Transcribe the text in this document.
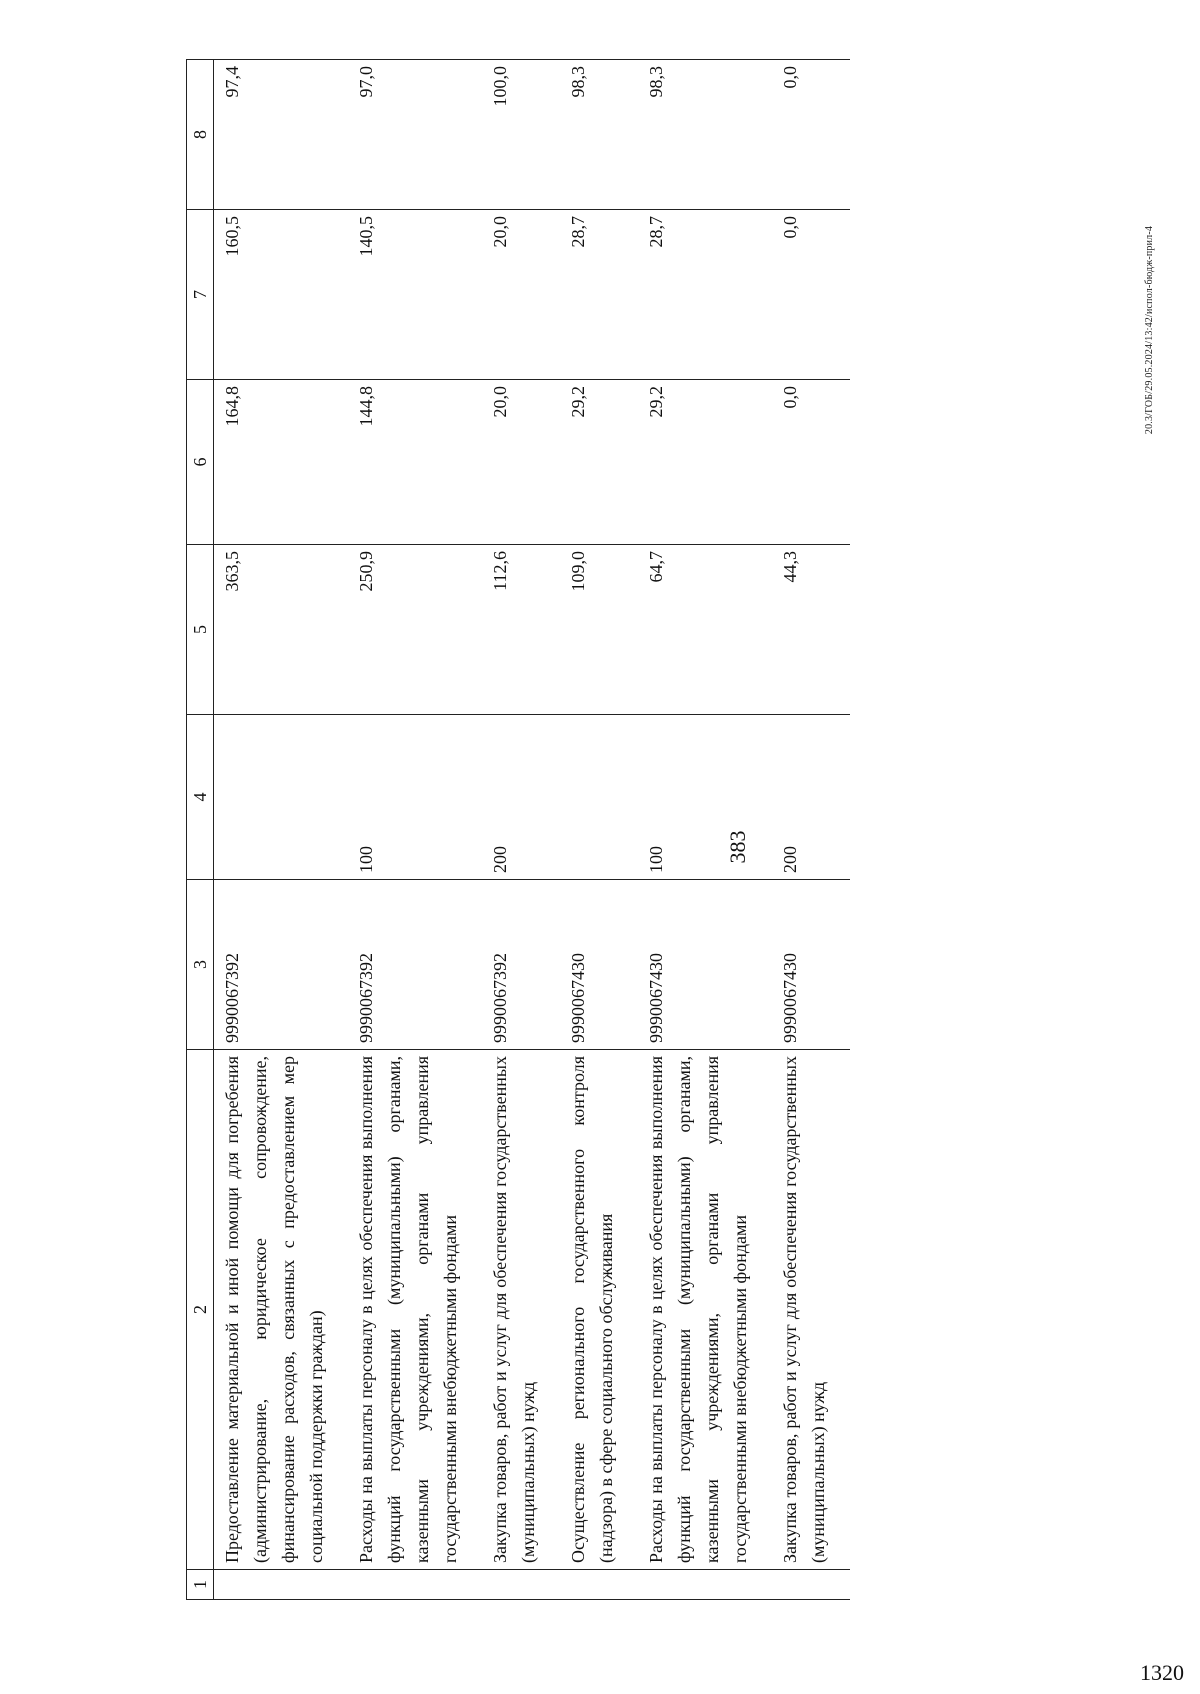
383
1	2	3	4	5	6	7	8
	Предоставление материальной и иной помощи для погребения (администрирование, юридическое сопровождение, финансирование расходов, связанных с предоставлением мер социальной поддержки граждан)	9990067392		363,5	164,8	160,5	97,4
	Расходы на выплаты персоналу в целях обеспечения выполнения функций государственными (муниципальными) органами, казенными учреждениями, органами управления государственными внебюджетными фондами	9990067392	100	250,9	144,8	140,5	97,0
	Закупка товаров, работ и услуг для обеспечения государственных (муниципальных) нужд	9990067392	200	112,6	20,0	20,0	100,0
	Осуществление регионального государственного контроля (надзора) в сфере социального обслуживания	9990067430		109,0	29,2	28,7	98,3
	Расходы на выплаты персоналу в целях обеспечения выполнения функций государственными (муниципальными) органами, казенными учреждениями, органами управления государственными внебюджетными фондами	9990067430	100	64,7	29,2	28,7	98,3
	Закупка товаров, работ и услуг для обеспечения государственных (муниципальных) нужд	9990067430	200	44,3	0,0	0,0	0,0
20.3/ГОБ/29.05.2024/13:42/испол-бюдж-прил-4
1320
